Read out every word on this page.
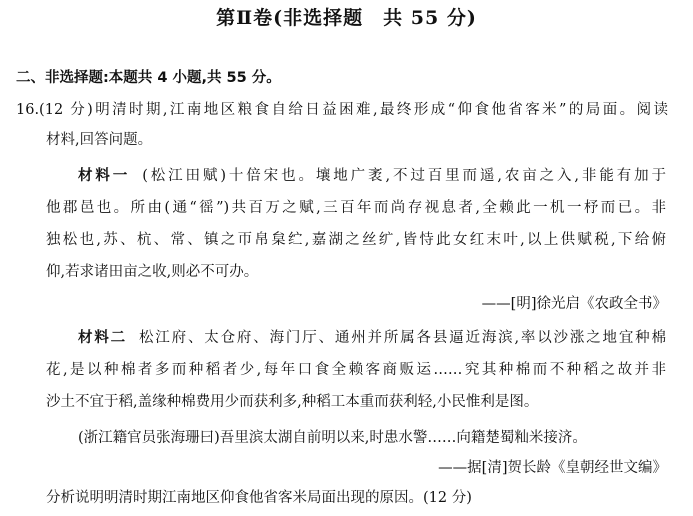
第Ⅱ卷(非选择题　共 55 分)
二、非选择题:本题共 4 小题,共 55 分。
16.(12 分)明清时期,江南地区粮食自给日益困难,最终形成“仰食他省客米”的局面。阅读
材料,回答问题。
材料一 (松江田赋)十倍宋也。壤地广袤,不过百里而遥,农亩之入,非能有加于
他郡邑也。所由(通“徭”)共百万之赋,三百年而尚存视息者,全赖此一机一杼而已。非
独松也,苏、杭、常、镇之帀帛枲纻,嘉湖之丝纩,皆恃此女红末叶,以上供赋税,下给俯
仰,若求诸田亩之收,则必不可办。
——[明]徐光启《农政全书》
材料二 松江府、太仓府、海门厅、通州并所属各县逼近海滨,率以沙涨之地宜种棉
花,是以种棉者多而种稻者少,每年口食全赖客商贩运……究其种棉而不种稻之故并非
沙土不宜于稻,盖缘种棉费用少而获利多,种稻工本重而获利轻,小民惟利是图。
(浙江籍官员张海珊曰)吾里滨太湖自前明以来,时患水警……向籍楚蜀籼米接济。
——据[清]贺长龄《皇朝经世文编》
分析说明明清时期江南地区仰食他省客米局面出现的原因。(12 分)
